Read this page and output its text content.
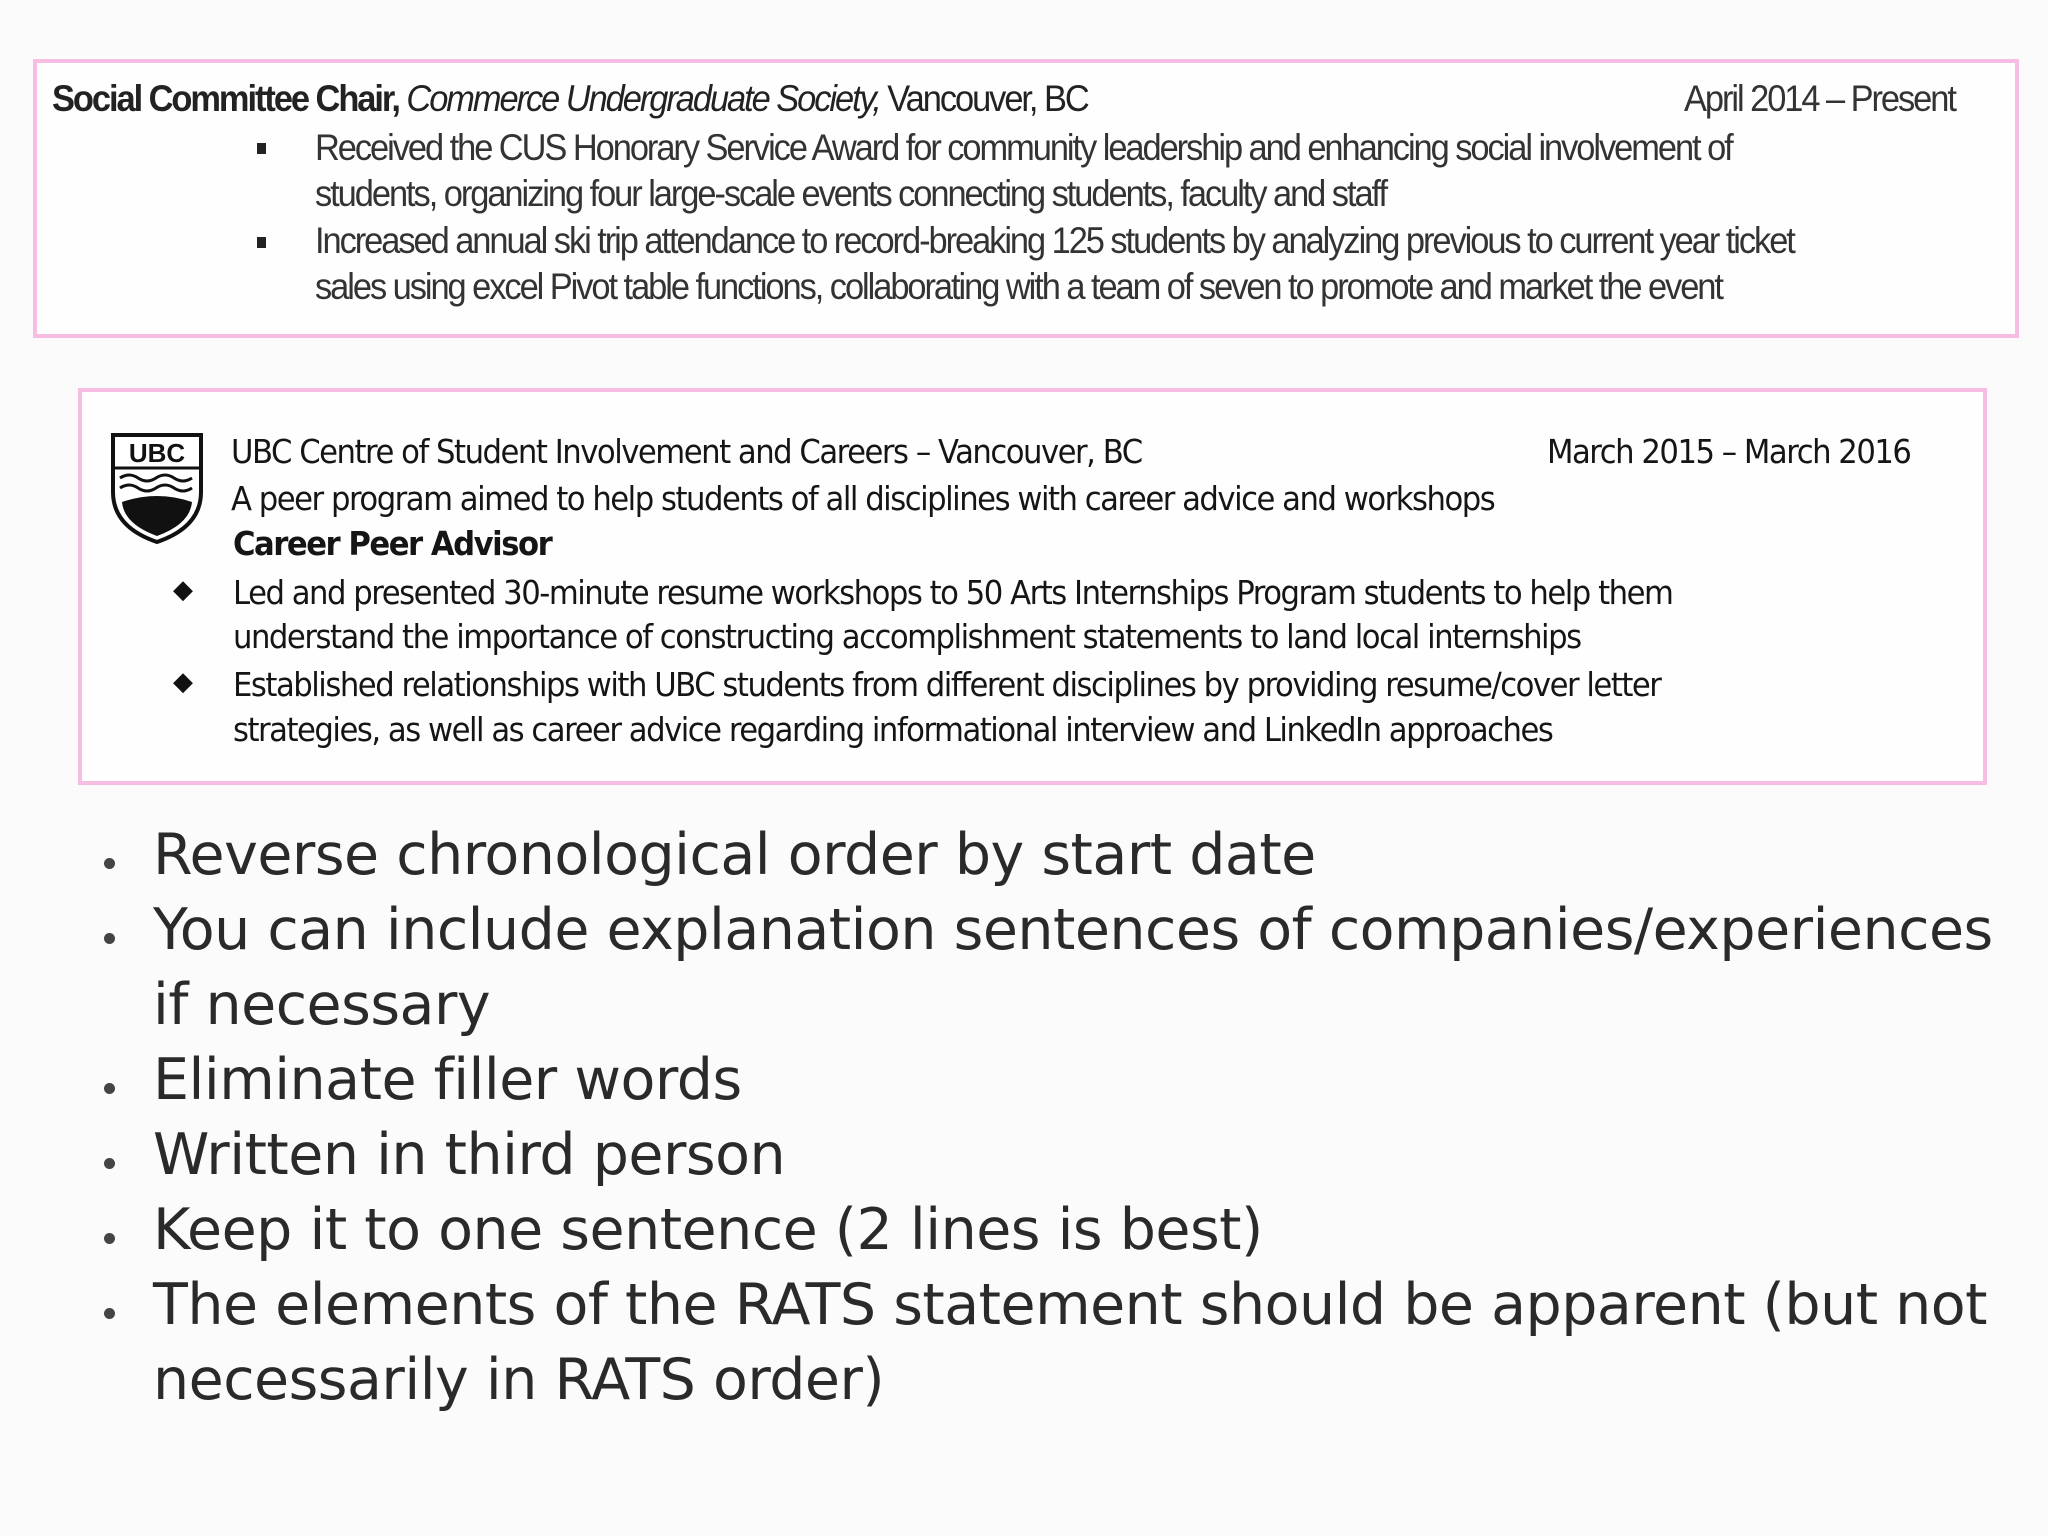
Social Committee Chair, Commerce Undergraduate Society, Vancouver, BC	April 2014 – Present
Received the CUS Honorary Service Award for community leadership and enhancing social involvement of
students, organizing four large-scale events connecting students, faculty and staff
Increased annual ski trip attendance to record-breaking 125 students by analyzing previous to current year ticket
sales using excel Pivot table functions, collaborating with a team of seven to promote and market the event
UBC UBC Centre of Student Involvement and Careers – Vancouver, BC	March 2015 – March 2016
A peer program aimed to help students of all disciplines with career advice and workshops
Career Peer Advisor
◆ Led and presented 30-minute resume workshops to 50 Arts Internships Program students to help them
understand the importance of constructing accomplishment statements to land local internships
◆ Established relationships with UBC students from different disciplines by providing resume/cover letter
strategies, as well as career advice regarding informational interview and LinkedIn approaches
Reverse chronological order by start date
You can include explanation sentences of companies/experiences
if necessary
Eliminate filler words
Written in third person
Keep it to one sentence (2 lines is best)
The elements of the RATS statement should be apparent (but not
necessarily in RATS order)
